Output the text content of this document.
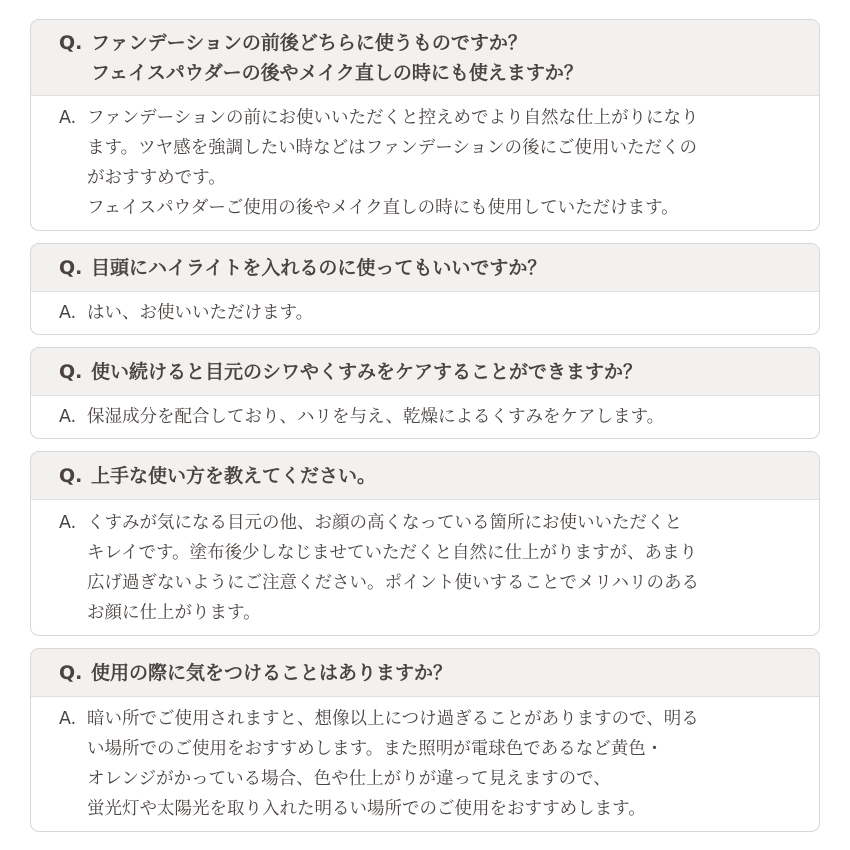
Q. ファンデーションの前後どちらに使うものですか？
フェイスパウダーの後やメイク直しの時にも使えますか？
A. ファンデーションの前にお使いいただくと控えめでより自然な仕上がりになり
ます。ツヤ感を強調したい時などはファンデーションの後にご使用いただくの
がおすすめです。
フェイスパウダーご使用の後やメイク直しの時にも使用していただけます。
Q. 目頭にハイライトを入れるのに使ってもいいですか？
A. はい、お使いいただけます。
Q. 使い続けると目元のシワやくすみをケアすることができますか？
A. 保湿成分を配合しており、ハリを与え、乾燥によるくすみをケアします。
Q. 上手な使い方を教えてください。
A. くすみが気になる目元の他、お顔の高くなっている箇所にお使いいただくと
キレイです。塗布後少しなじませていただくと自然に仕上がりますが、あまり
広げ過ぎないようにご注意ください。ポイント使いすることでメリハリのある
お顔に仕上がります。
Q. 使用の際に気をつけることはありますか？
A. 暗い所でご使用されますと、想像以上につけ過ぎることがありますので、明る
い場所でのご使用をおすすめします。また照明が電球色であるなど黄色・
オレンジがかっている場合、色や仕上がりが違って見えますので、
蛍光灯や太陽光を取り入れた明るい場所でのご使用をおすすめします。
